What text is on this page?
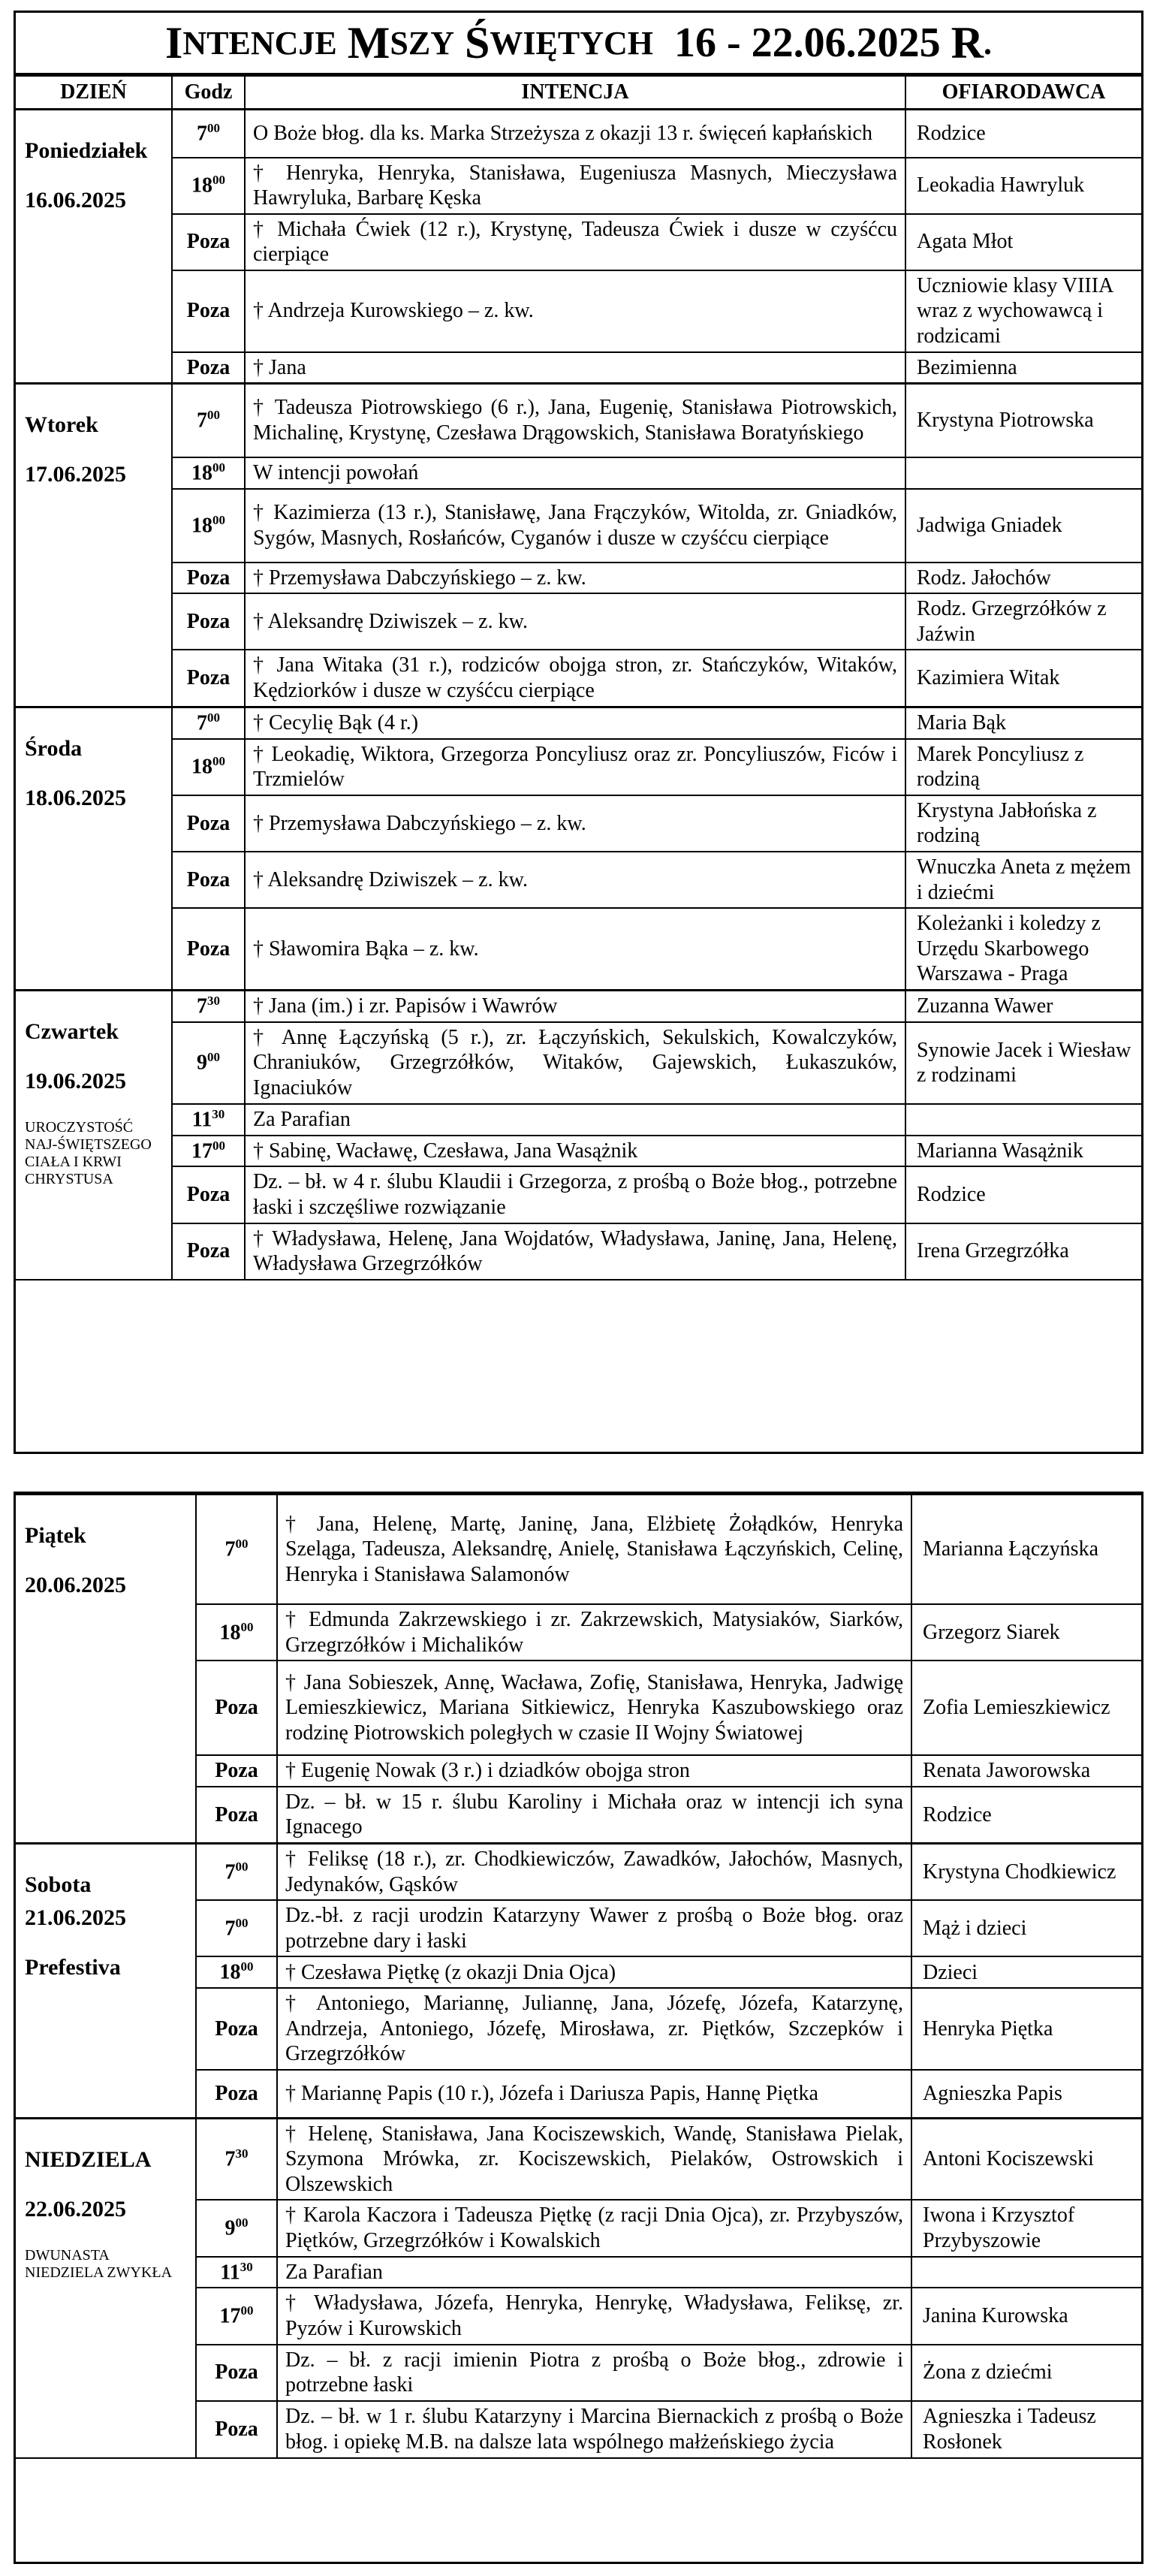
I NTENCJE
M SZY
Ś WIĘTYCH
16 - 22.06.2025
R .
DZIEŃ	Godz	INTENCJA	OFIARODAWCA

Poniedziałek
16.06.2025	$7^{00}$	O Boże błog. dla ks. Marka Strzeżysza z okazji 13 r. święceń kapłańskich	Rodzice
	$18^{00}$	† Henryka, Henryka, Stanisława, Eugeniusza Masnych, Mieczysława Hawryluka, Barbarę Kęska	Leokadia Hawryluk
	Poza	† Michała Ćwiek (12 r.), Krystynę, Tadeusza Ćwiek i dusze w czyśćcu cierpiące	Agata Młot
	Poza	† Andrzeja Kurowskiego – z. kw.	Uczniowie klasy VIIIA wraz z wychowawcą i rodzicami
	Poza	† Jana	Bezimienna

Wtorek
17.06.2025	$7^{00}$	† Tadeusza Piotrowskiego (6 r.), Jana, Eugenię, Stanisława Piotrowskich, Michalinę, Krystynę, Czesława Drągowskich, Stanisława Boratyńskiego	Krystyna Piotrowska
	$18^{00}$	W intencji powołań	
	$18^{00}$	† Kazimierza (13 r.), Stanisławę, Jana Frączyków, Witolda, zr. Gniadków, Sygów, Masnych, Rosłańców, Cyganów i dusze w czyśćcu cierpiące	Jadwiga Gniadek
	Poza	† Przemysława Dabczyńskiego – z. kw.	Rodz. Jałochów
	Poza	† Aleksandrę Dziwiszek – z. kw.	Rodz. Grzegrzółków z Jaźwin
	Poza	† Jana Witaka (31 r.), rodziców obojga stron, zr. Stańczyków, Witaków, Kędziorków i dusze w czyśćcu cierpiące	Kazimiera Witak

Środa
18.06.2025	$7^{00}$	† Cecylię Bąk (4 r.)	Maria Bąk
	$18^{00}$	† Leokadię, Wiktora, Grzegorza Poncyliusz oraz zr. Poncyliuszów, Ficów i Trzmielów	Marek Poncyliusz z rodziną
	Poza	† Przemysława Dabczyńskiego – z. kw.	Krystyna Jabłońska z rodziną
	Poza	† Aleksandrę Dziwiszek – z. kw.	Wnuczka Aneta z mężem i dziećmi
	Poza	† Sławomira Bąka – z. kw.	Koleżanki i koledzy z Urzędu Skarbowego Warszawa - Praga

Czwartek
19.06.2025
UROCZYSTOŚĆ NAJ-ŚWIĘTSZEGO CIAŁA I KRWI CHRYSTUSA	$7^{30}$	† Jana (im.) i zr. Papisów i Wawrów	Zuzanna Wawer
	$9^{00}$	† Annę Łączyńską (5 r.), zr. Łączyńskich, Sekulskich, Kowalczyków, Chraniuków, Grzegrzółków, Witaków, Gajewskich, Łukaszuków, Ignaciuków	Synowie Jacek i Wiesław z rodzinami
	$11^{30}$	Za Parafian	
	$17^{00}$	† Sabinę, Wacławę, Czesława, Jana Wasążnik	Marianna Wasążnik
	Poza	Dz. – bł. w 4 r. ślubu Klaudii i Grzegorza, z prośbą o Boże błog., potrzebne łaski i szczęśliwe rozwiązanie	Rodzice
	Poza	† Władysława, Helenę, Jana Wojdatów, Władysława, Janinę, Jana, Helenę, Władysława Grzegrzółków	Irena Grzegrzółka
Piątek
20.06.2025	$7^{00}$	† Jana, Helenę, Martę, Janinę, Jana, Elżbietę Żołądków, Henryka Szeląga, Tadeusza, Aleksandrę, Anielę, Stanisława Łączyńskich, Celinę, Henryka i Stanisława Salamonów	Marianna Łączyńska
	$18^{00}$	† Edmunda Zakrzewskiego i zr. Zakrzewskich, Matysiaków, Siarków, Grzegrzółków i Michalików	Grzegorz Siarek
	Poza	† Jana Sobieszek, Annę, Wacława, Zofię, Stanisława, Henryka, Jadwigę Lemieszkiewicz, Mariana Sitkiewicz, Henryka Kaszubowskiego oraz rodzinę Piotrowskich poległych w czasie II Wojny Światowej	Zofia Lemieszkiewicz
	Poza	† Eugenię Nowak (3 r.) i dziadków obojga stron	Renata Jaworowska
	Poza	Dz. – bł. w 15 r. ślubu Karoliny i Michała oraz w intencji ich syna Ignacego	Rodzice

Sobota
21.06.2025
Prefestiva	$7^{00}$	† Feliksę (18 r.), zr. Chodkiewiczów, Zawadków, Jałochów, Masnych, Jedynaków, Gąsków	Krystyna Chodkiewicz
	$7^{00}$	Dz.-bł. z racji urodzin Katarzyny Wawer z prośbą o Boże błog. oraz potrzebne dary i łaski	Mąż i dzieci
	$18^{00}$	† Czesława Piętkę (z okazji Dnia Ojca)	Dzieci
	Poza	† Antoniego, Mariannę, Juliannę, Jana, Józefę, Józefa, Katarzynę, Andrzeja, Antoniego, Józefę, Mirosława, zr. Piętków, Szczepków i Grzegrzółków	Henryka Piętka
	Poza	† Mariannę Papis (10 r.), Józefa i Dariusza Papis, Hannę Piętka	Agnieszka Papis

NIEDZIELA
22.06.2025
DWUNASTA NIEDZIELA ZWYKŁA	$7^{30}$	† Helenę, Stanisława, Jana Kociszewskich, Wandę, Stanisława Pielak, Szymona Mrówka, zr. Kociszewskich, Pielaków, Ostrowskich i Olszewskich	Antoni Kociszewski
	$9^{00}$	† Karola Kaczora i Tadeusza Piętkę (z racji Dnia Ojca), zr. Przybyszów, Piętków, Grzegrzółków i Kowalskich	Iwona i Krzysztof Przybyszowie
	$11^{30}$	Za Parafian	
	$17^{00}$	† Władysława, Józefa, Henryka, Henrykę, Władysława, Feliksę, zr. Pyzów i Kurowskich	Janina Kurowska
	Poza	Dz. – bł. z racji imienin Piotra z prośbą o Boże błog., zdrowie i potrzebne łaski	Żona z dziećmi
	Poza	Dz. – bł. w 1 r. ślubu Katarzyny i Marcina Biernackich z prośbą o Boże błog. i opiekę M.B. na dalsze lata wspólnego małżeńskiego życia	Agnieszka i Tadeusz Rosłonek
